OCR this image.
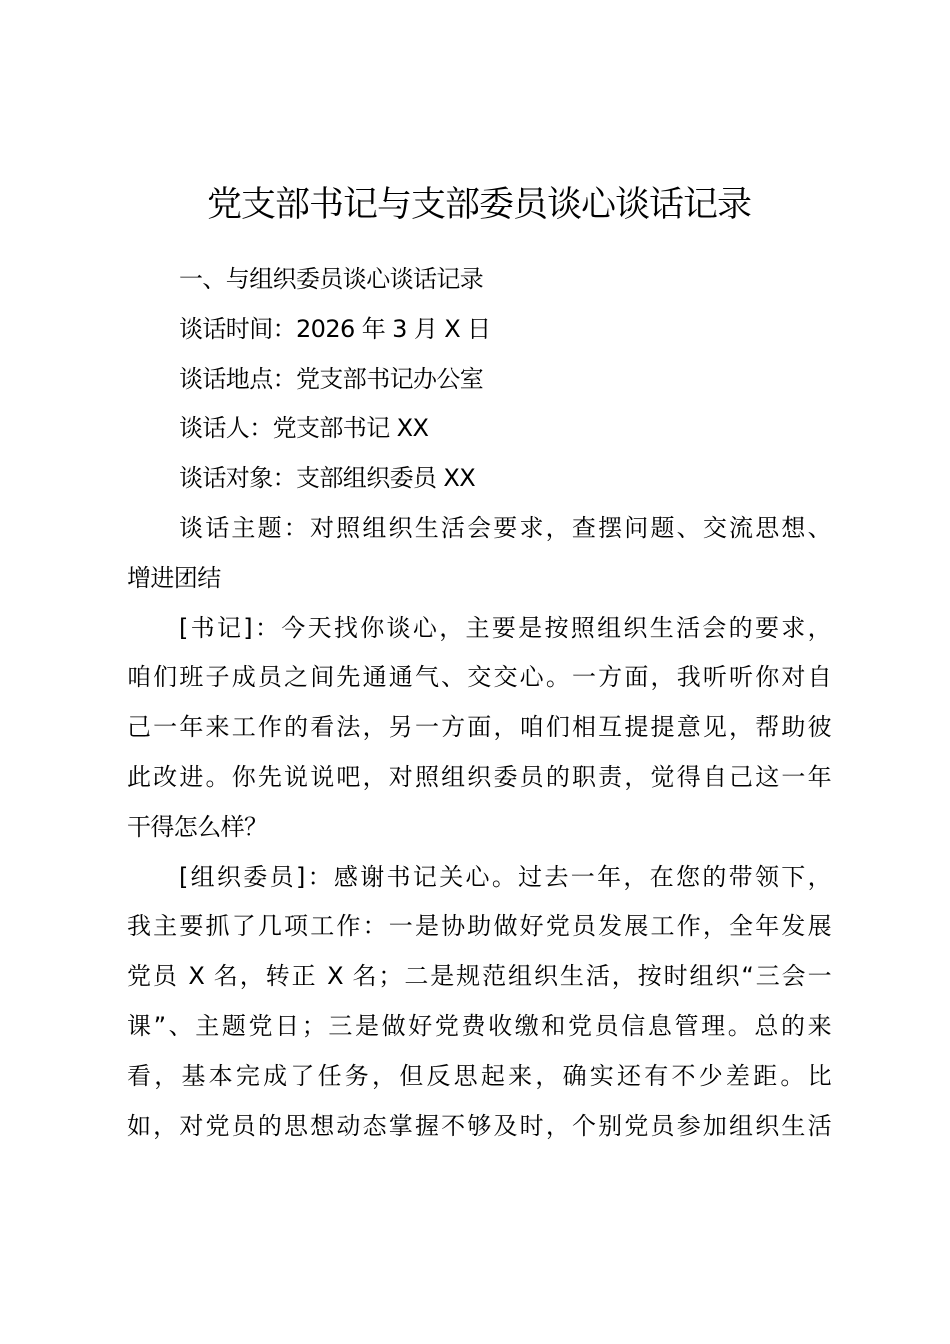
党支部书记与支部委员谈心谈话记录
一、与组织委员谈心谈话记录
谈话时间：2026 年 3 月 X 日
谈话地点：党支部书记办公室
谈话人：党支部书记 XX
谈话对象：支部组织委员 XX
谈话主题：对照组织生活会要求，查摆问题、交流思想、
增进团结
[书记]：今天找你谈心，主要是按照组织生活会的要求，
咱们班子成员之间先通通气、交交心。一方面，我听听你对自
己一年来工作的看法，另一方面，咱们相互提提意见，帮助彼
此改进。你先说说吧，对照组织委员的职责，觉得自己这一年
干得怎么样？
[组织委员]：感谢书记关心。过去一年，在您的带领下，
我主要抓了几项工作：一是协助做好党员发展工作，全年发展
党员 X 名，转正 X 名；二是规范组织生活，按时组织“三会一
课”、主题党日；三是做好党费收缴和党员信息管理。总的来
看，基本完成了任务，但反思起来，确实还有不少差距。比
如，对党员的思想动态掌握不够及时，个别党员参加组织生活
